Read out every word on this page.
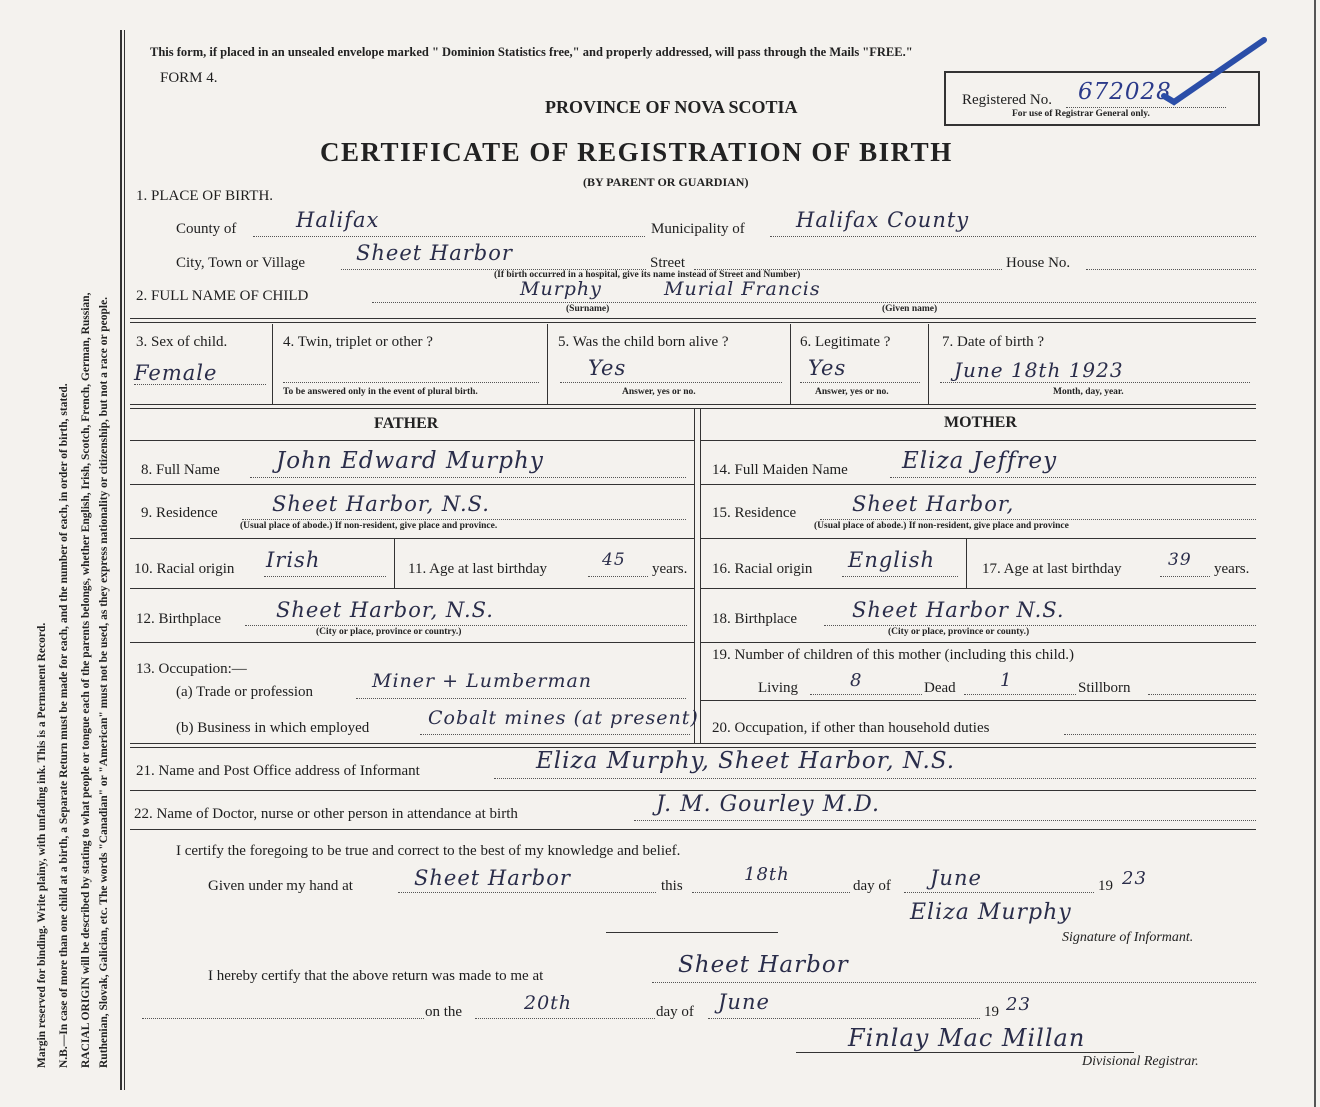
Margin reserved for binding. Write plainy, with unfading ink. This is a Permanent Record. N.B.—In case of more than one child at a birth, a Separate Return must be made for each, and the number of each, in order of birth, stated. RACIAL ORIGIN will be described by stating to what people or tongue each of the parents belongs, whether English, Irish, Scotch, French, German, Russian, Ruthenian, Slovak, Galician, etc. The words "Canadian" or "American" must not be used, as they express nationality or citizenship, but not a race or people.
This form, if placed in an unsealed envelope marked " Dominion Statistics free," and properly addressed, will pass through the Mails "FREE."
FORM 4.
PROVINCE OF NOVA SCOTIA
CERTIFICATE OF REGISTRATION OF BIRTH
(BY PARENT OR GUARDIAN)
Registered No. 672028
For use of Registrar General only.
1. PLACE OF BIRTH.
County of	Halifax	Municipality of Halifax County
City, Town or Village Sheet Harbor	Street	House No.
(If birth occurred in a hospital, give its name instead of Street and Number)
2. FULL NAME OF CHILD	Murphy	Murial Francis
(Surname)	(Given name)
3. Sex of child.
Female
4. Twin, triplet or other ?
To be answered only in the event of plural birth.
5. Was the child born alive ?
Yes
Answer, yes or no.
6. Legitimate ?
Yes
Answer, yes or no.
7. Date of birth ?
June 18th 1923
Month, day, year.
FATHER	MOTHER
8. Full Name John Edward Murphy
9. Residence	Sheet Harbor, N.S.
(Usual place of abode.) If non-resident, give place and province.
10. Racial origin Irish	11. Age at last birthday	45 years.
12. Birthplace	Sheet Harbor, N.S.
(City or place, province or country.)
13. Occupation:—
(a) Trade or profession	Miner + Lumberman
(b) Business in which employed	Cobalt mines (at present)
14. Full Maiden Name Eliza Jeffrey
15. Residence	Sheet Harbor,
(Usual place of abode.) If non-resident, give place and province
16. Racial origin English	17. Age at last birthday	39 years.
18. Birthplace	Sheet Harbor N.S.
(City or place, province or county.)
19. Number of children of this mother (including this child.)
Living	8	Dead 1	Stillborn
20. Occupation, if other than household duties
21. Name and Post Office address of Informant	Eliza Murphy, Sheet Harbor, N.S.
22. Name of Doctor, nurse or other person in attendance at birth	J. M. Gourley M.D.
I certify the foregoing to be true and correct to the best of my knowledge and belief.
Given under my hand at	Sheet Harbor	this
18th
day of June	19 23
Eliza Murphy
Signature of Informant.
I hereby certify that the above return was made to me at	Sheet Harbor
on the	20th	day of June	19 23
Finlay Mac Millan
Divisional Registrar.
